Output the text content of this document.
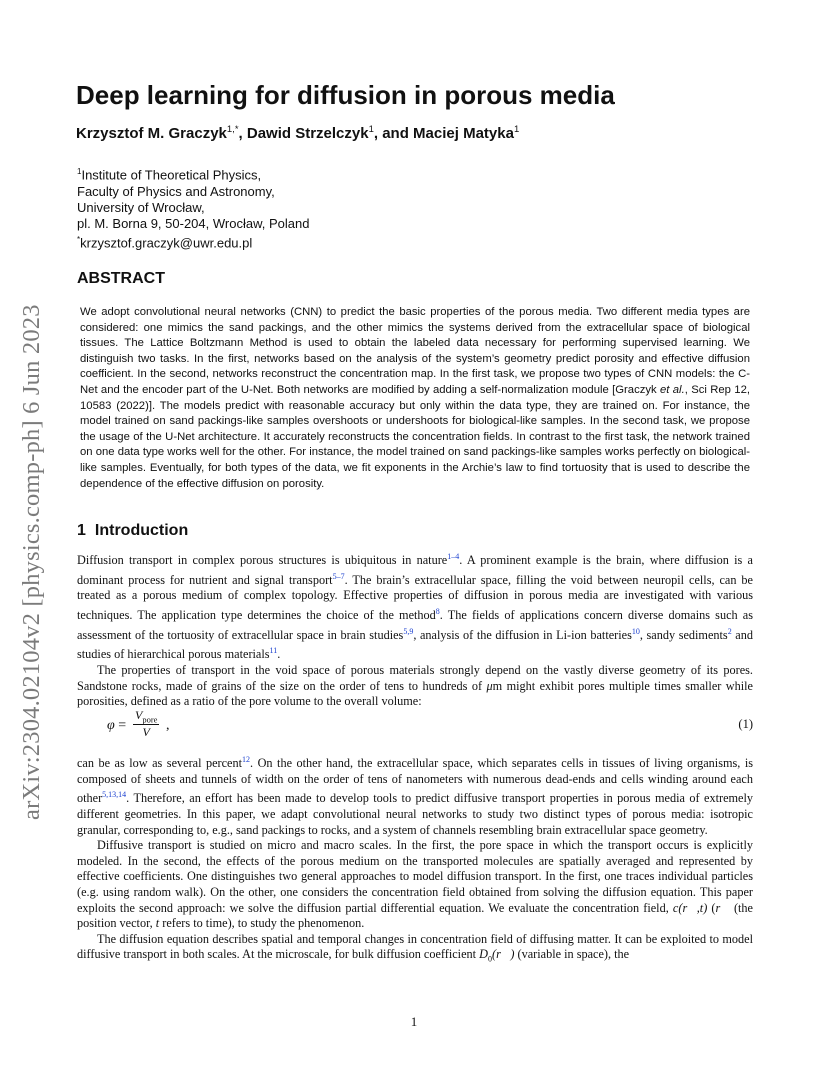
arXiv:2304.02104v2 [physics.comp-ph] 6 Jun 2023
Deep learning for diffusion in porous media
Krzysztof M. Graczyk$^{1,*}$, Dawid Strzelczyk$^1$, and Maciej Matyka$^1$
$^1$Institute of Theoretical Physics,
Faculty of Physics and Astronomy,
University of Wrocław,
pl. M. Borna 9, 50-204, Wrocław, Poland
*krzysztof.graczyk@uwr.edu.pl
ABSTRACT
We adopt convolutional neural networks (CNN) to predict the basic properties of the porous media. Two different media types are considered: one mimics the sand packings, and the other mimics the systems derived from the extracellular space of biological tissues. The Lattice Boltzmann Method is used to obtain the labeled data necessary for performing supervised learning. We distinguish two tasks. In the first, networks based on the analysis of the system’s geometry predict porosity and effective diffusion coefficient. In the second, networks reconstruct the concentration map. In the first task, we propose two types of CNN models: the C-Net and the encoder part of the U-Net. Both networks are modified by adding a self-normalization module [Graczyk et al., Sci Rep 12, 10583 (2022)]. The models predict with reasonable accuracy but only within the data type, they are trained on. For instance, the model trained on sand packings-like samples overshoots or undershoots for biological-like samples. In the second task, we propose the usage of the U-Net architecture. It accurately reconstructs the concentration fields. In contrast to the first task, the network trained on one data type works well for the other. For instance, the model trained on sand packings-like samples works perfectly on biological-like samples. Eventually, for both types of the data, we fit exponents in the Archie’s law to find tortuosity that is used to describe the dependence of the effective diffusion on porosity.
1 Introduction

Diffusion transport in complex porous structures is ubiquitous in nature$^{1-4}$. A prominent example is the brain, where diffusion is a dominant process for nutrient and signal transport$^{5-7}$. The brain’s extracellular space, filling the void between neuropil cells, can be treated as a porous medium of complex topology. Effective properties of diffusion in porous media are investigated with various techniques. The application type determines the choice of the method$^8$. The fields of applications concern diverse domains such as assessment of the tortuosity of extracellular space in brain studies$^{5,9}$, analysis of the diffusion in Li-ion batteries$^{10}$, sandy sediments$^2$ and studies of hierarchical porous materials$^{11}$.

The properties of transport in the void space of porous materials strongly depend on the vastly diverse geometry of its pores. Sandstone rocks, made of grains of the size on the order of tens to hundreds of μm might exhibit pores multiple times smaller while porosities, defined as a ratio of the pore volume to the overall volume:

φ =
$V_{pore}$
V	,	(1)

can be as low as several percent$^{12}$. On the other hand, the extracellular space, which separates cells in tissues of living organisms, is composed of sheets and tunnels of width on the order of tens of nanometers with numerous dead-ends and cells winding around each other$^{5,13,14}$. Therefore, an effort has been made to develop tools to predict diffusive transport properties in porous media of extremely different geometries. In this paper, we adapt convolutional neural networks to study two distinct types of porous media: isotropic granular, corresponding to, e.g., sand packings to rocks, and a system of channels resembling brain extracellular space geometry.

Diffusive transport is studied on micro and macro scales. In the first, the pore space in which the transport occurs is explicitly modeled. In the second, the effects of the porous medium on the transported molecules are spatially averaged and represented by effective coefficients. One distinguishes two general approaches to model diffusion transport. In the first, one traces individual particles (e.g. using random walk). On the other, one considers the concentration field obtained from solving the diffusion equation. This paper exploits the second approach: we solve the diffusion partial differential equation. We evaluate the concentration field, c(r⃗,t) (r⃗ (the position vector, t refers to time), to study the phenomenon.

The diffusion equation describes spatial and temporal changes in concentration field of diffusing matter. It can be exploited to model diffusive transport in both scales. At the microscale, for bulk diffusion coefficient $D_0(r⃗)$ (variable in space), the

1
